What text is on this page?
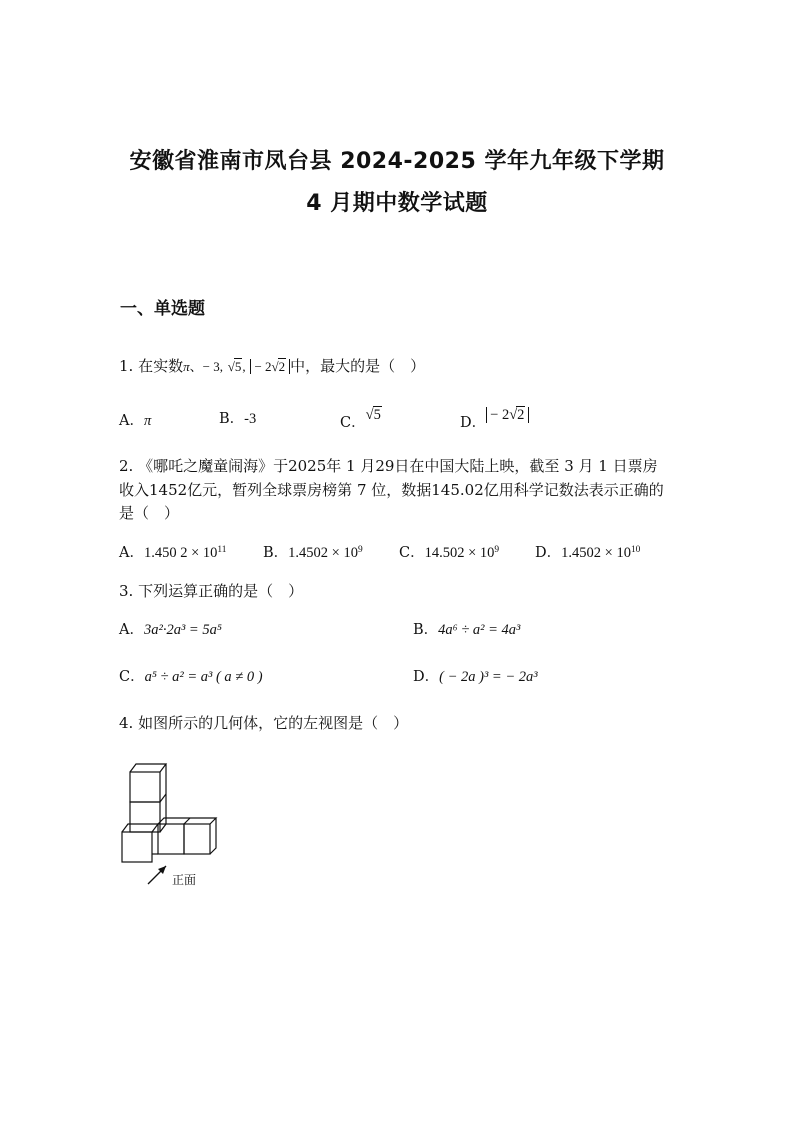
安徽省淮南市凤台县 2024-2025 学年九年级下学期
4 月期中数学试题
一、单选题
1. 在实数π、− 3, √5, − 2√2 中，最大的是（　）
A．π	B．-3	C．√5	D． − 2√2
2. 《哪吒之魔童闹海》于2025年 1 月29日在中国大陆上映，截至 3 月 1 日票房
收入1452亿元，暂列全球票房榜第 7 位，数据145.02亿用科学记数法表示正确的
是（　）
A．1.450 $2 \times 10^{11}$	B．$1.4502 \times 10^9$	C．$14.502 \times 10^9$ D．$1.4502 \times 10^{10}$
3. 下列运算正确的是（　）
A．3a²·2a³ = 5a⁵	B．4a⁶ ÷ a² = 4a³
C．a⁵ ÷ a² = a³ ( a ≠ 0 )	D．( − 2a )³ = − 2a³
4. 如图所示的几何体，它的左视图是（　）
正面
